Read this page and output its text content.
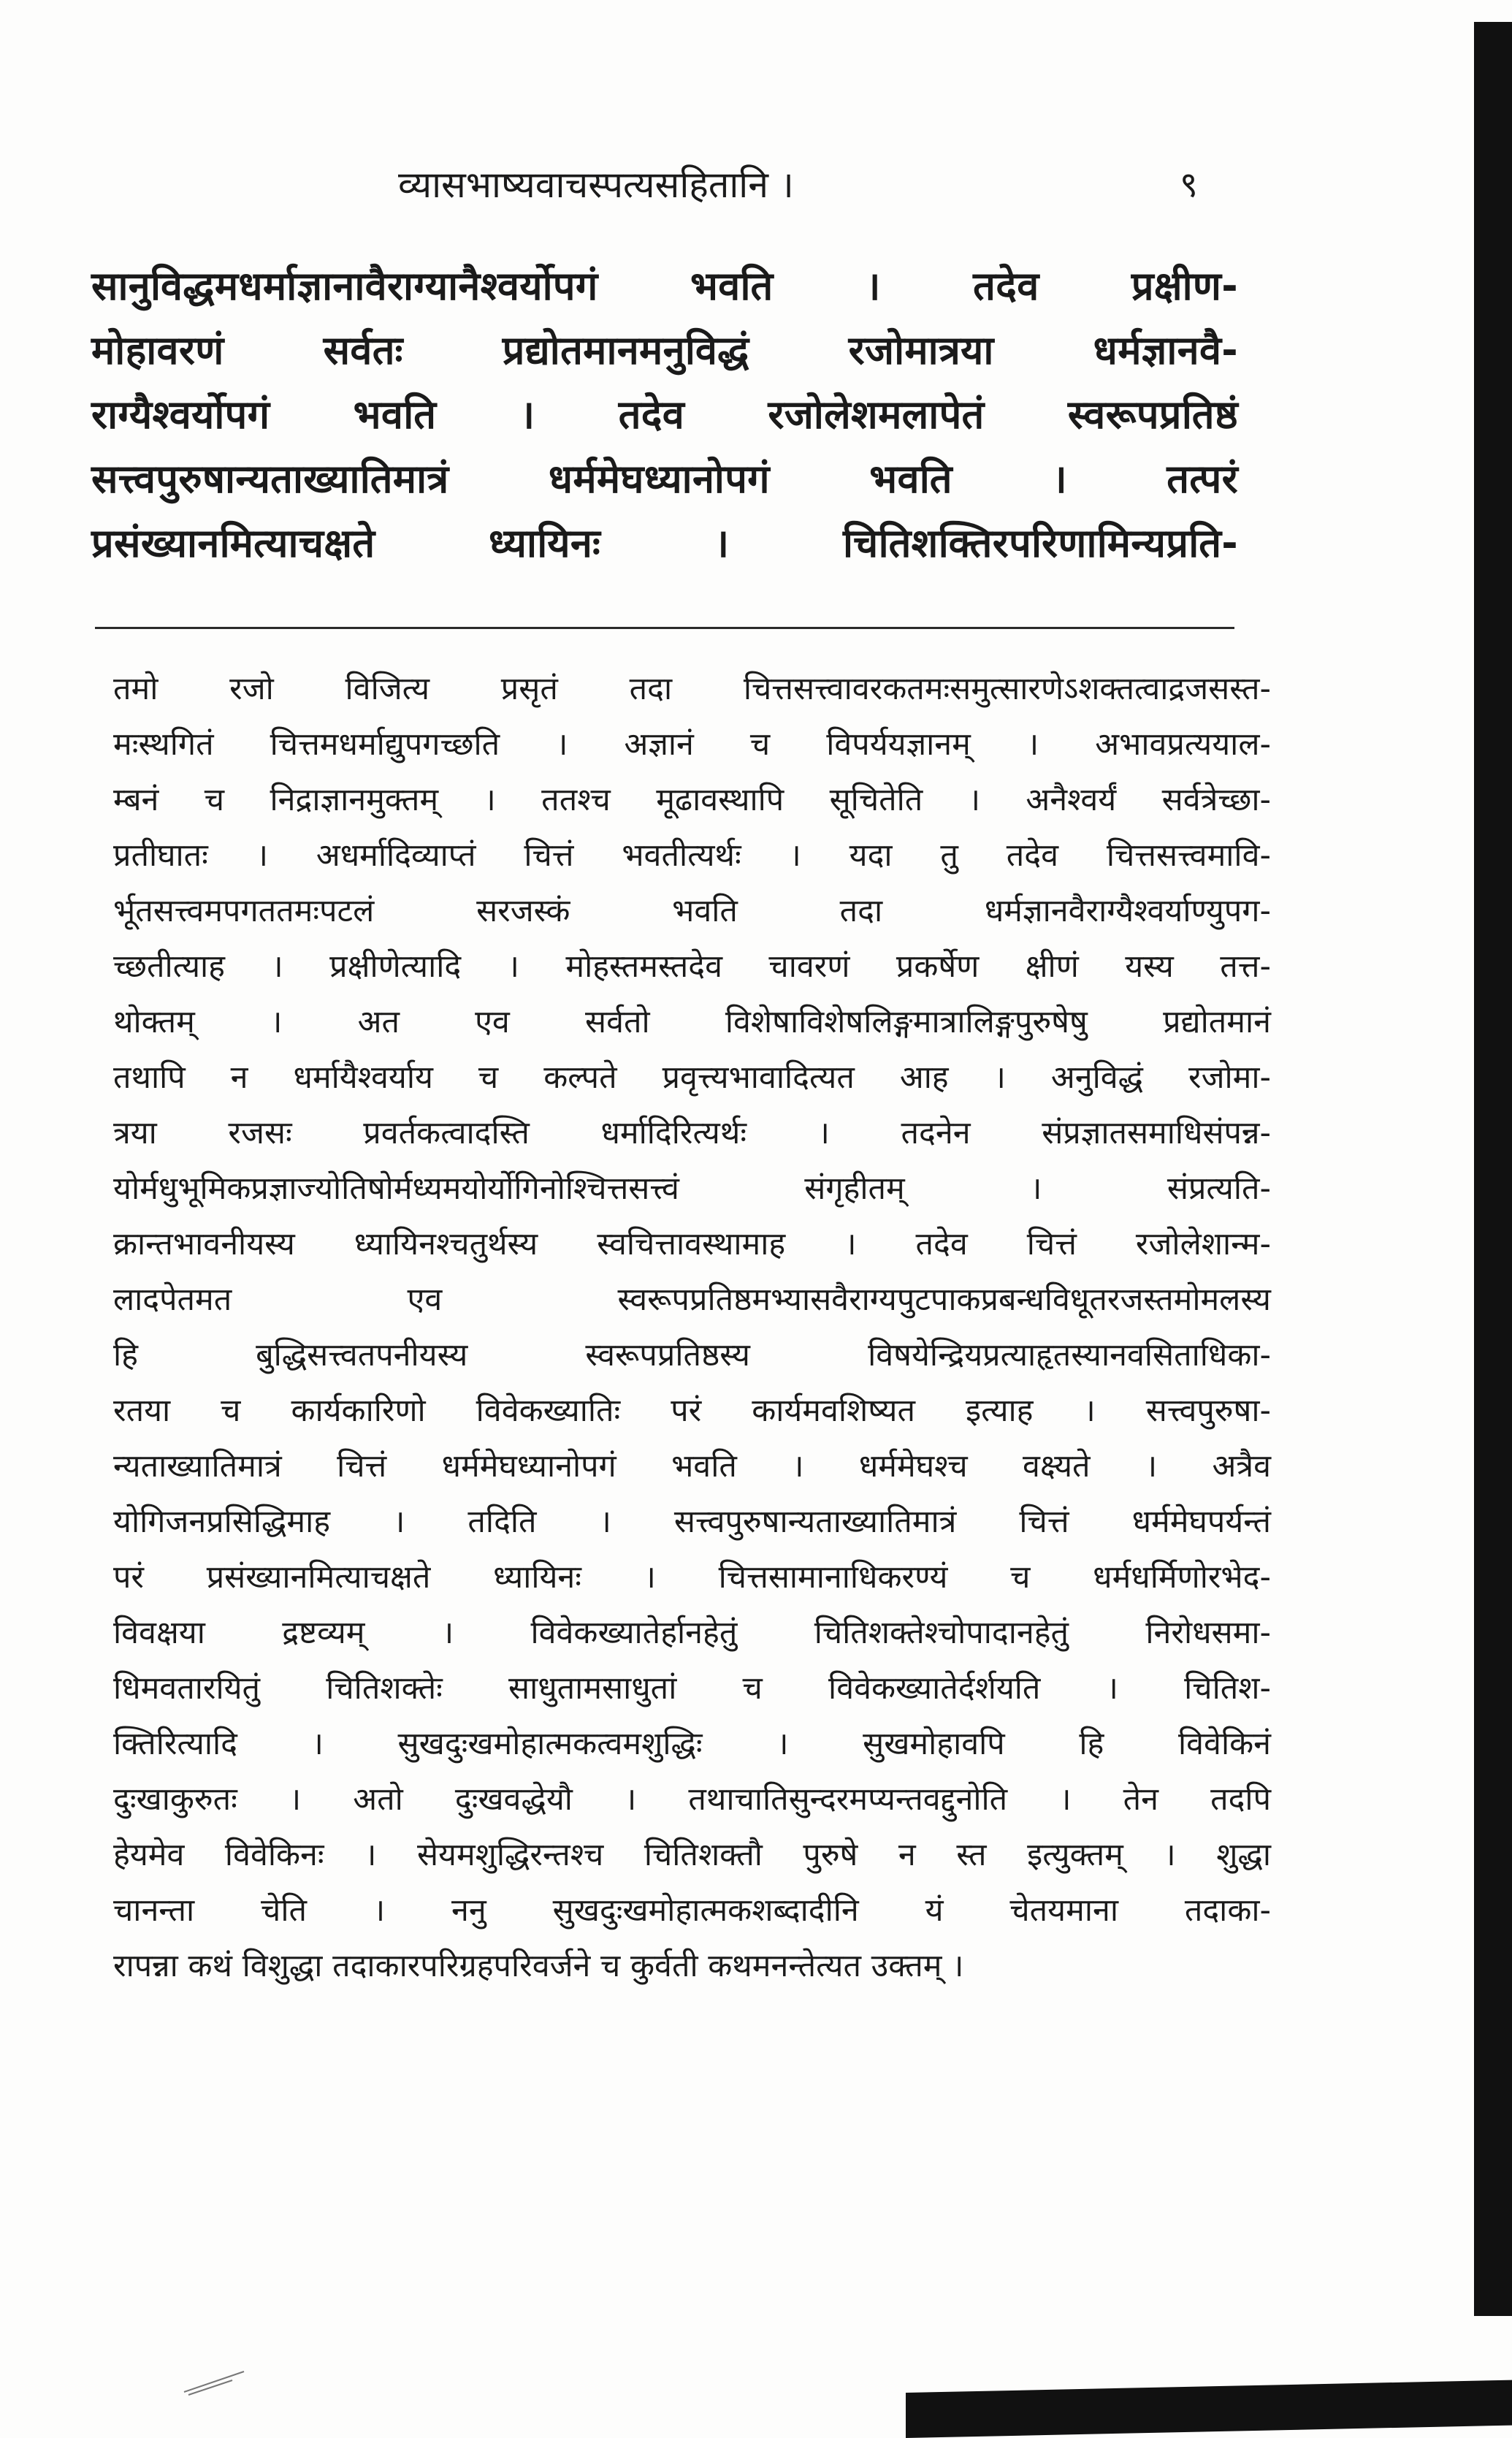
व्यासभाष्यवाचस्पत्यसहितानि ।	९
सानुविद्धमधर्माज्ञानावैराग्यानैश्वर्योपगं भवति । तदेव प्रक्षीण-
मोहावरणं सर्वतः प्रद्योतमानमनुविद्धं रजोमात्रया धर्मज्ञानवै-
राग्यैश्वर्योपगं भवति । तदेव रजोलेशमलापेतं स्वरूपप्रतिष्ठं
सत्त्वपुरुषान्यताख्यातिमात्रं धर्ममेघध्यानोपगं भवति । तत्परं
प्रसंख्यानमित्याचक्षते ध्यायिनः । चितिशक्तिरपरिणामिन्यप्रति-
तमो रजो विजित्य प्रसृतं तदा चित्तसत्त्वावरकतमःसमुत्सारणेऽशक्तत्वाद्रजसस्त-
मःस्थगितं चित्तमधर्माद्युपगच्छति । अज्ञानं च विपर्ययज्ञानम् । अभावप्रत्ययाल-
म्बनं च निद्राज्ञानमुक्तम् । ततश्च मूढावस्थापि सूचितेति । अनैश्वर्यं सर्वत्रेच्छा-
प्रतीघातः । अधर्मादिव्याप्तं चित्तं भवतीत्यर्थः । यदा तु तदेव चित्तसत्त्वमावि-
र्भूतसत्त्वमपगततमःपटलं सरजस्कं भवति तदा धर्मज्ञानवैराग्यैश्वर्याण्युपग-
च्छतीत्याह । प्रक्षीणेत्यादि । मोहस्तमस्तदेव चावरणं प्रकर्षेण क्षीणं यस्य तत्त-
थोक्तम् । अत एव सर्वतो विशेषाविशेषलिङ्गमात्रालिङ्गपुरुषेषु प्रद्योतमानं
तथापि न धर्मायैश्वर्याय च कल्पते प्रवृत्त्यभावादित्यत आह । अनुविद्धं रजोमा-
त्रया रजसः प्रवर्तकत्वादस्ति धर्मादिरित्यर्थः । तदनेन संप्रज्ञातसमाधिसंपन्न-
योर्मधुभूमिकप्रज्ञाज्योतिषोर्मध्यमयोर्योगिनोश्चित्तसत्त्वं संगृहीतम् । संप्रत्यति-
क्रान्तभावनीयस्य ध्यायिनश्चतुर्थस्य स्वचित्तावस्थामाह । तदेव चित्तं रजोलेशान्म-
लादपेतमत एव स्वरूपप्रतिष्ठमभ्यासवैराग्यपुटपाकप्रबन्धविधूतरजस्तमोमलस्य
हि बुद्धिसत्त्वतपनीयस्य स्वरूपप्रतिष्ठस्य विषयेन्द्रियप्रत्याहृतस्यानवसिताधिका-
रतया च कार्यकारिणो विवेकख्यातिः परं कार्यमवशिष्यत इत्याह । सत्त्वपुरुषा-
न्यताख्यातिमात्रं चित्तं धर्ममेघध्यानोपगं भवति । धर्ममेघश्च वक्ष्यते । अत्रैव
योगिजनप्रसिद्धिमाह । तदिति । सत्त्वपुरुषान्यताख्यातिमात्रं चित्तं धर्ममेघपर्यन्तं
परं प्रसंख्यानमित्याचक्षते ध्यायिनः । चित्तसामानाधिकरण्यं च धर्मधर्मिणोरभेद-
विवक्षया द्रष्टव्यम् । विवेकख्यातेर्हानहेतुं चितिशक्तेश्चोपादानहेतुं निरोधसमा-
धिमवतारयितुं चितिशक्तेः साधुतामसाधुतां च विवेकख्यातेर्दर्शयति । चितिश-
क्तिरित्यादि । सुखदुःखमोहात्मकत्वमशुद्धिः । सुखमोहावपि हि विवेकिनं
दुःखाकुरुतः । अतो दुःखवद्धेयौ । तथाचातिसुन्दरमप्यन्तवद्दुनोति । तेन तदपि
हेयमेव विवेकिनः । सेयमशुद्धिरन्तश्च चितिशक्तौ पुरुषे न स्त इत्युक्तम् । शुद्धा
चानन्ता चेति । ननु सुखदुःखमोहात्मकशब्दादीनि यं चेतयमाना तदाका-
रापन्ना कथं विशुद्धा तदाकारपरिग्रहपरिवर्जने च कुर्वती कथमनन्तेत्यत उक्तम् ।
